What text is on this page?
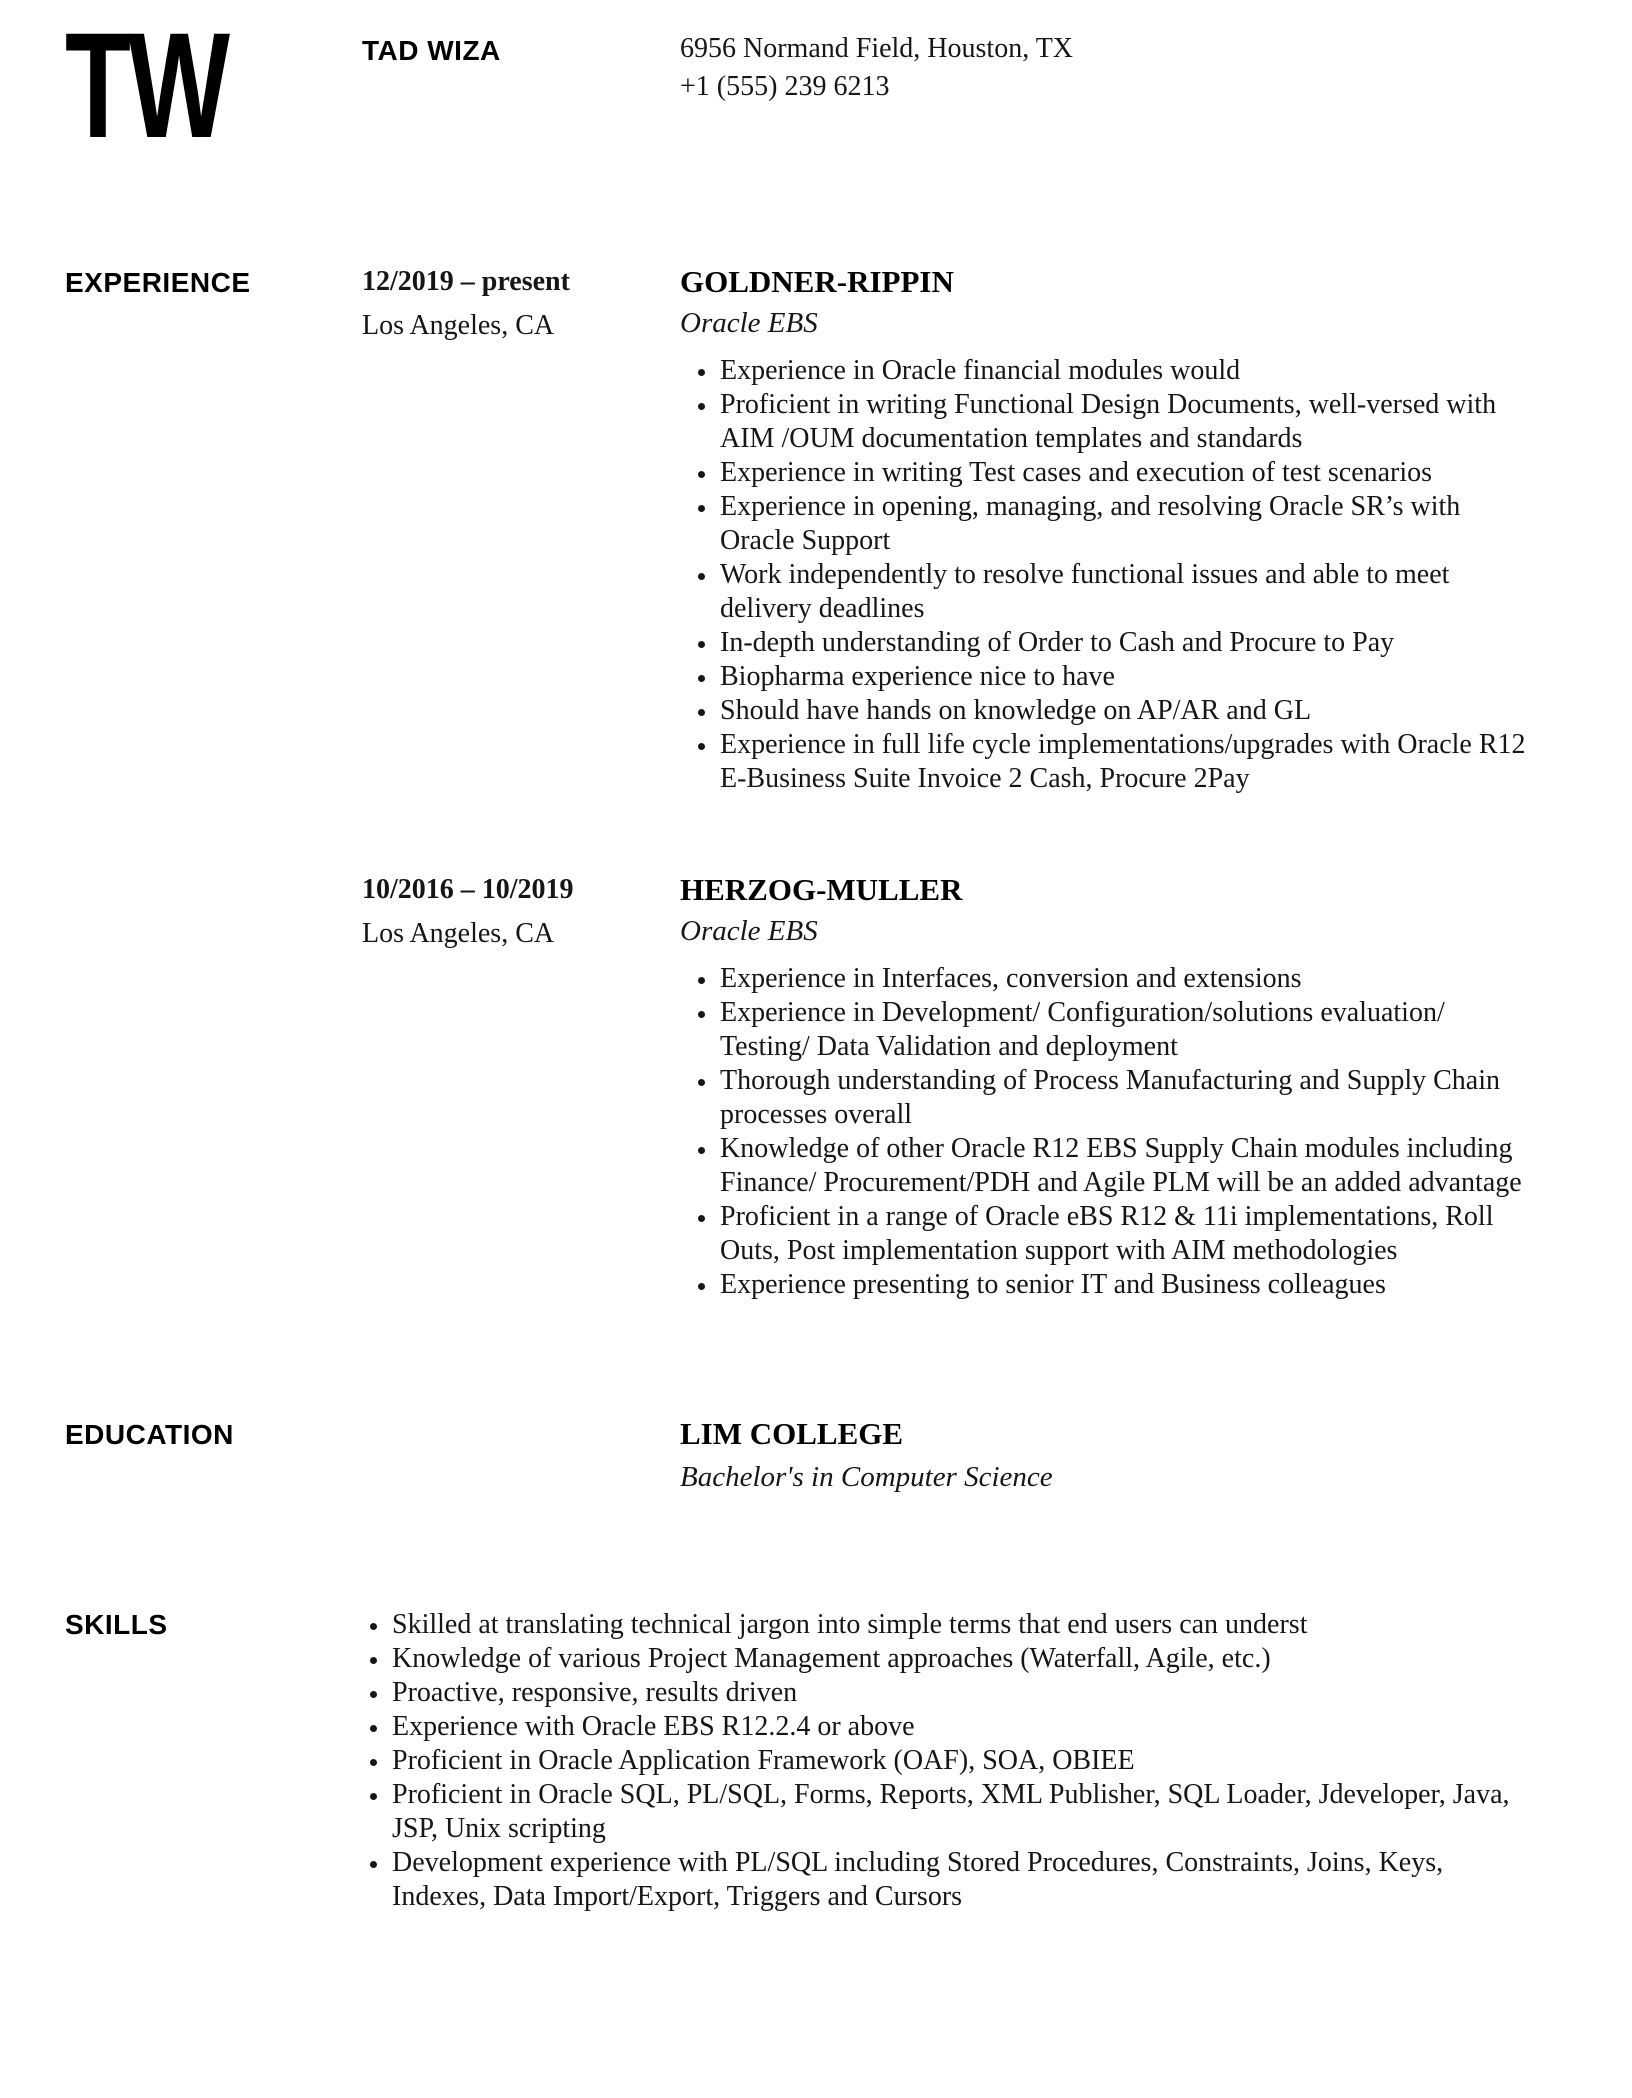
TW	TAD WIZA	6956 Normand Field, Houston, TX
+1 (555) 239 6213
EXPERIENCE	12/2019 – present
Los Angeles, CA
GOLDNER-RIPPIN
Oracle EBS
• Experience in Oracle financial modules would
• Proficient in writing Functional Design Documents, well-versed with AIM /OUM documentation templates and standards
• Experience in writing Test cases and execution of test scenarios
• Experience in opening, managing, and resolving Oracle SR’s with Oracle Support
• Work independently to resolve functional issues and able to meet delivery deadlines
• In-depth understanding of Order to Cash and Procure to Pay
• Biopharma experience nice to have
• Should have hands on knowledge on AP/AR and GL
• Experience in full life cycle implementations/upgrades with Oracle R12 E-Business Suite Invoice 2 Cash, Procure 2Pay
10/2016 – 10/2019
Los Angeles, CA
HERZOG-MULLER
Oracle EBS
• Experience in Interfaces, conversion and extensions
• Experience in Development/ Configuration/solutions evaluation/ Testing/ Data Validation and deployment
• Thorough understanding of Process Manufacturing and Supply Chain processes overall
• Knowledge of other Oracle R12 EBS Supply Chain modules including Finance/ Procurement/PDH and Agile PLM will be an added advantage
• Proficient in a range of Oracle eBS R12 & 11i implementations, Roll Outs, Post implementation support with AIM methodologies
• Experience presenting to senior IT and Business colleagues
EDUCATION	LIM COLLEGE
Bachelor's in Computer Science
SKILLS	• Skilled at translating technical jargon into simple terms that end users can underst
• Knowledge of various Project Management approaches (Waterfall, Agile, etc.)
• Proactive, responsive, results driven
• Experience with Oracle EBS R12.2.4 or above
• Proficient in Oracle Application Framework (OAF), SOA, OBIEE
• Proficient in Oracle SQL, PL/SQL, Forms, Reports, XML Publisher, SQL Loader, Jdeveloper, Java, JSP, Unix scripting
• Development experience with PL/SQL including Stored Procedures, Constraints, Joins, Keys, Indexes, Data Import/Export, Triggers and Cursors
